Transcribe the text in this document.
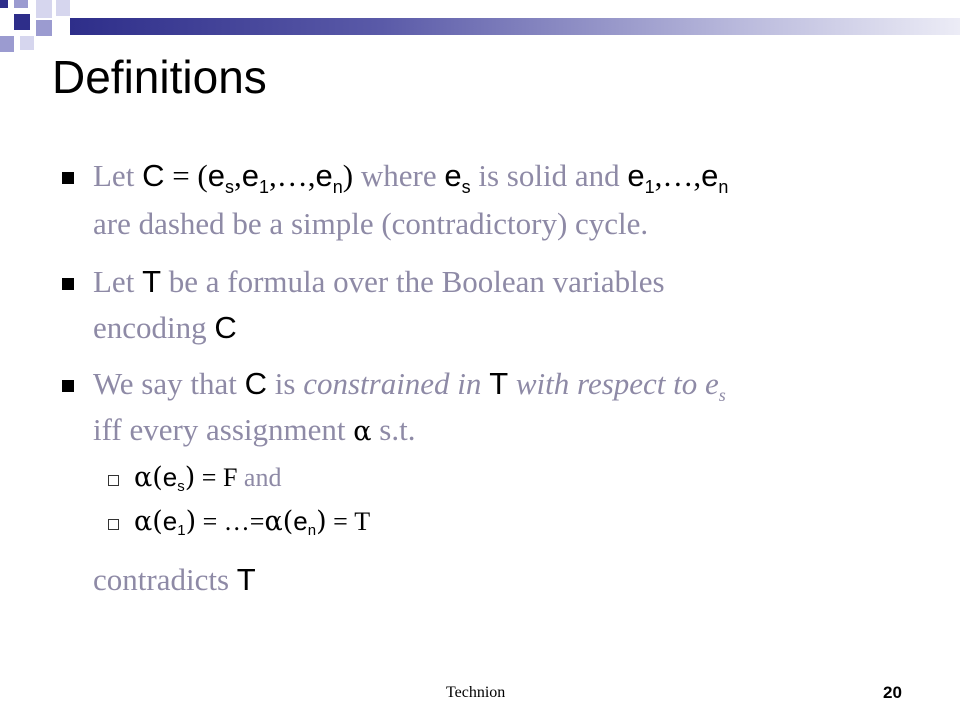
Definitions
Let $C = (e_s,e_1,\dots,e_n)$ where $e_s$ is solid and $e_1,\dots,e_n$
are dashed be a simple (contradictory) cycle.
Let T be a formula over the Boolean variables
encoding C
We say that C is constrained in T with respect to $e_s$
iff every assignment α s.t.
α(es) = F and
α(e1) = …=α(en) = T
contradicts T
Technion	20
